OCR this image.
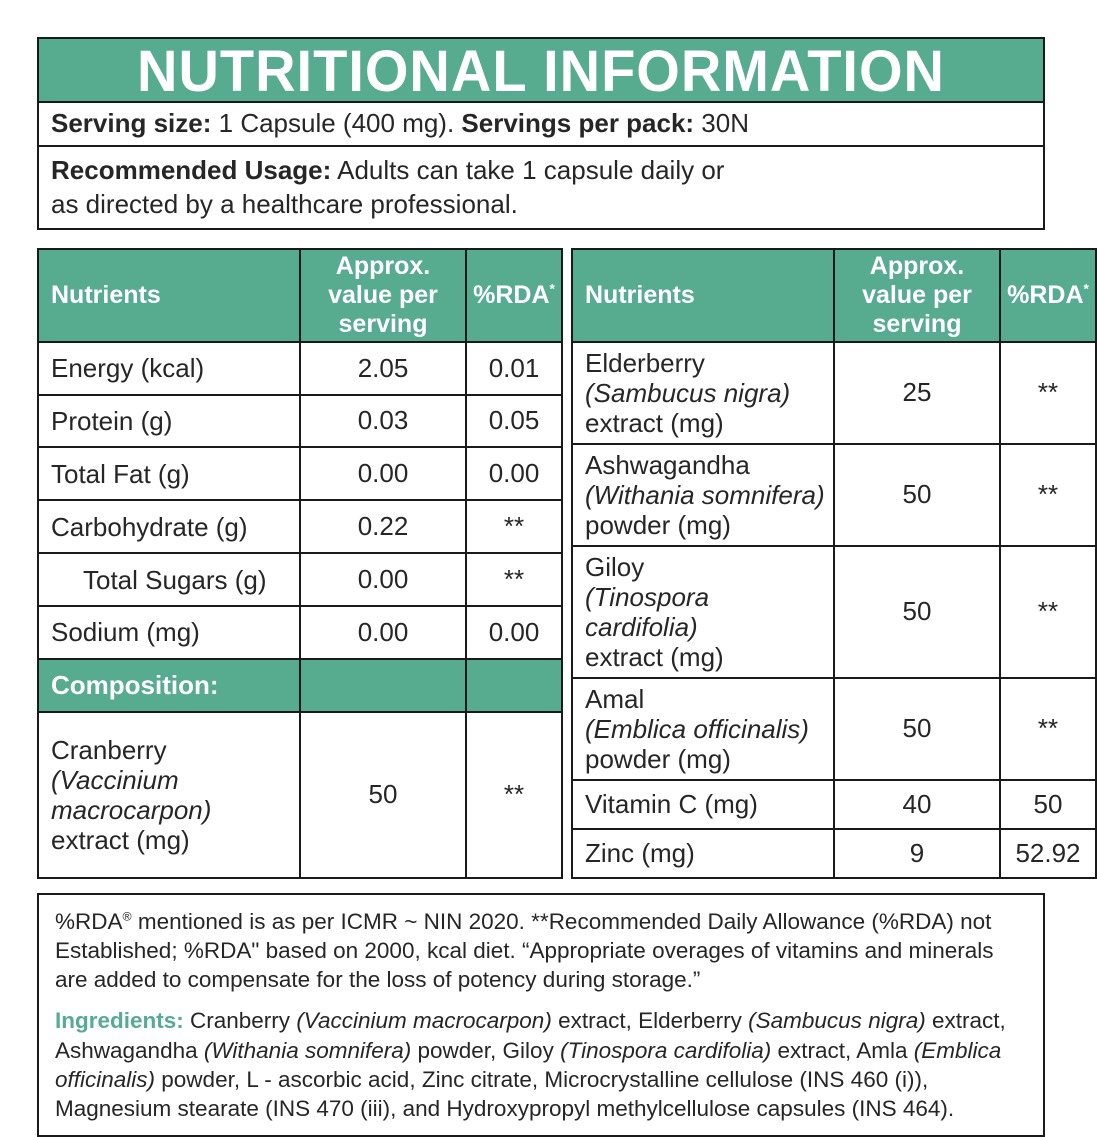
NUTRITIONAL INFORMATION
Serving size: 1 Capsule (400 mg). Servings per pack: 30N
Recommended Usage: Adults can take 1 capsule daily or
as directed by a healthcare professional.
Nutrients	Approx. value per serving	%RDA*
Energy (kcal)	2.05	0.01
Protein (g)	0.03	0.05
Total Fat (g)	0.00	0.00
Carbohydrate (g)	0.22	**
Total Sugars (g)	0.00	**
Sodium (mg)	0.00	0.00
Composition:		

Cranberry
(Vaccinium
macrocarpon)
extract (mg)	50	**
Nutrients	Approx. value per serving	%RDA*

Elderberry
(Sambucus nigra)
extract (mg)	25	**

Ashwagandha
(Withania somnifera)
powder (mg)	50	**

Giloy
(Tinospora cardifolia)
extract (mg)	50	**

Amal
(Emblica officinalis)
powder (mg)	50	**
Vitamin C (mg)	40	50
Zinc (mg)	9	52.92

%RDA® mentioned is as per ICMR ~ NIN 2020. **Recommended Daily Allowance (%RDA) not Established; %RDA" based on 2000, kcal diet. “Appropriate overages of vitamins and minerals are added to compensate for the loss of potency during storage.”

Ingredients: Cranberry (Vaccinium macrocarpon) extract, Elderberry (Sambucus nigra) extract, Ashwagandha (Withania somnifera) powder, Giloy (Tinospora cardifolia) extract, Amla (Emblica officinalis) powder, L - ascorbic acid, Zinc citrate, Microcrystalline cellulose (INS 460 (i)), Magnesium stearate (INS 470 (iii), and Hydroxypropyl methylcellulose capsules (INS 464).
